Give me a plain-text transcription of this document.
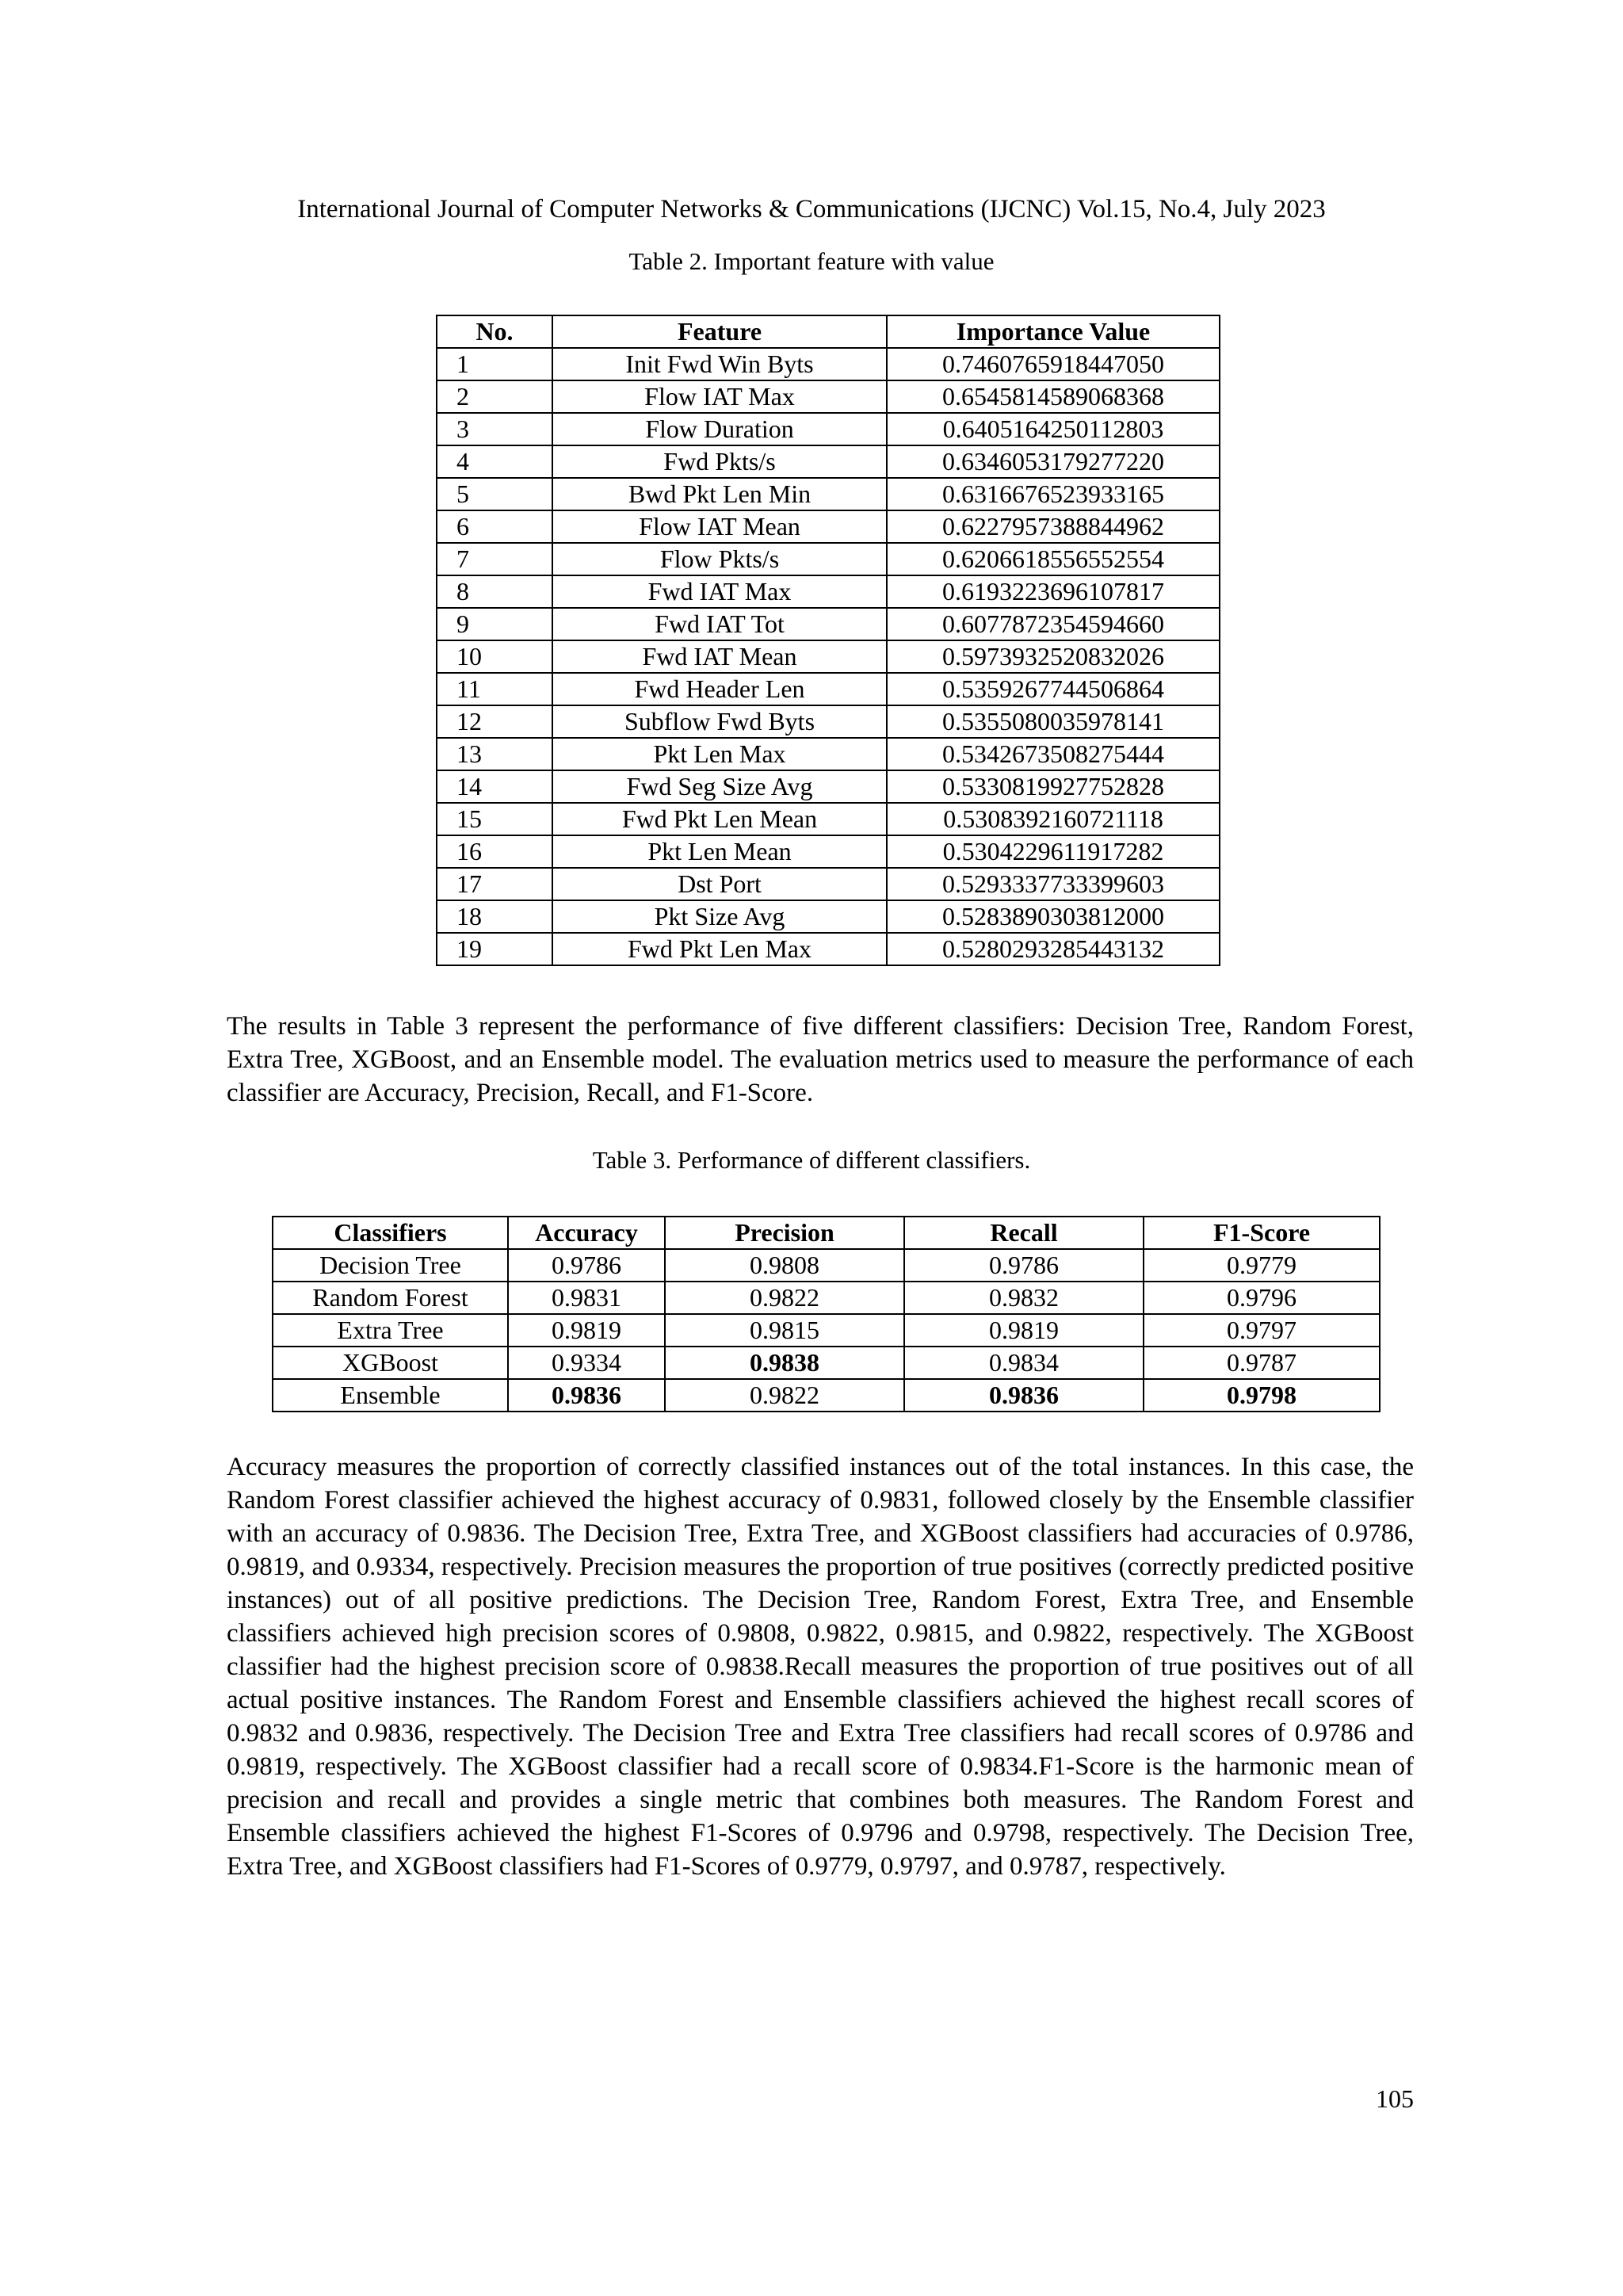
International Journal of Computer Networks & Communications (IJCNC) Vol.15, No.4, July 2023
Table 2. Important feature with value
No.	Feature	Importance Value
1	Init Fwd Win Byts	0.7460765918447050
2	Flow IAT Max	0.6545814589068368
3	Flow Duration	0.6405164250112803
4	Fwd Pkts/s	0.6346053179277220
5	Bwd Pkt Len Min	0.6316676523933165
6	Flow IAT Mean	0.6227957388844962
7	Flow Pkts/s	0.6206618556552554
8	Fwd IAT Max	0.6193223696107817
9	Fwd IAT Tot	0.6077872354594660
10	Fwd IAT Mean	0.5973932520832026
11	Fwd Header Len	0.5359267744506864
12	Subflow Fwd Byts	0.5355080035978141
13	Pkt Len Max	0.5342673508275444
14	Fwd Seg Size Avg	0.5330819927752828
15	Fwd Pkt Len Mean	0.5308392160721118
16	Pkt Len Mean	0.5304229611917282
17	Dst Port	0.5293337733399603
18	Pkt Size Avg	0.5283890303812000
19	Fwd Pkt Len Max	0.5280293285443132

The results in Table 3 represent the performance of five different classifiers: Decision Tree, Random Forest, Extra Tree, XGBoost, and an Ensemble model. The evaluation metrics used to measure the performance of each classifier are Accuracy, Precision, Recall, and F1-Score.

Table 3. Performance of different classifiers.
Classifiers	Accuracy	Precision	Recall	F1-Score
Decision Tree	0.9786	0.9808	0.9786	0.9779
Random Forest	0.9831	0.9822	0.9832	0.9796
Extra Tree	0.9819	0.9815	0.9819	0.9797
XGBoost	0.9334	0.9838	0.9834	0.9787
Ensemble	0.9836	0.9822	0.9836	0.9798

Accuracy measures the proportion of correctly classified instances out of the total instances. In this case, the Random Forest classifier achieved the highest accuracy of 0.9831, followed closely by the Ensemble classifier with an accuracy of 0.9836. The Decision Tree, Extra Tree, and XGBoost classifiers had accuracies of 0.9786, 0.9819, and 0.9334, respectively. Precision measures the proportion of true positives (correctly predicted positive instances) out of all positive predictions. The Decision Tree, Random Forest, Extra Tree, and Ensemble classifiers achieved high precision scores of 0.9808, 0.9822, 0.9815, and 0.9822, respectively. The XGBoost classifier had the highest precision score of 0.9838.Recall measures the proportion of true positives out of all actual positive instances. The Random Forest and Ensemble classifiers achieved the highest recall scores of 0.9832 and 0.9836, respectively. The Decision Tree and Extra Tree classifiers had recall scores of 0.9786 and 0.9819, respectively. The XGBoost classifier had a recall score of 0.9834.F1-Score is the harmonic mean of precision and recall and provides a single metric that combines both measures. The Random Forest and Ensemble classifiers achieved the highest F1-Scores of 0.9796 and 0.9798, respectively. The Decision Tree, Extra Tree, and XGBoost classifiers had F1-Scores of 0.9779, 0.9797, and 0.9787, respectively.

105
